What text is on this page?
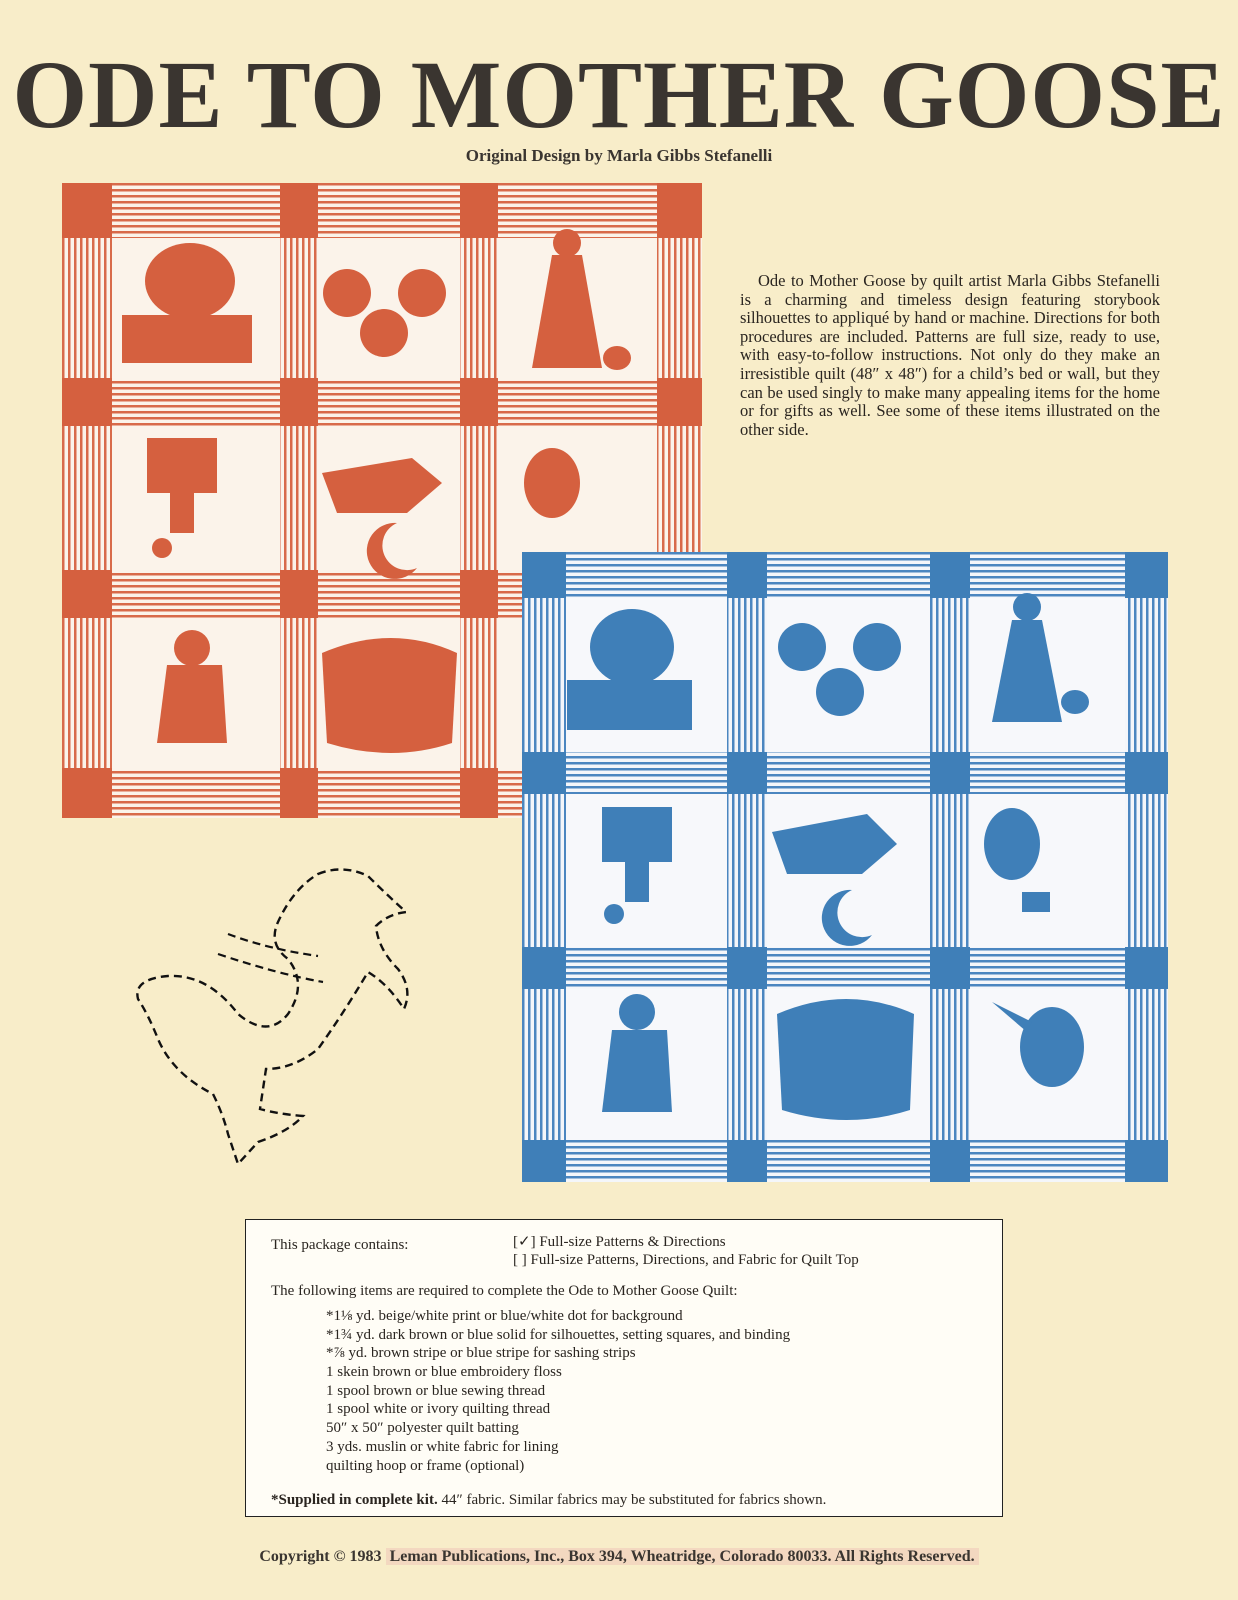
ODE TO MOTHER GOOSE

Original Design by Marla Gibbs Stefanelli

Ode to Mother Goose by quilt artist Marla Gibbs Stefanelli is a charming and timeless design featuring storybook silhouettes to appliqué by hand or machine. Directions for both procedures are included. Patterns are full size, ready to use, with easy-to-follow instructions. Not only do they make an irresistible quilt (48″ x 48″) for a child’s bed or wall, but they can be used singly to make many appealing items for the home or for gifts as well. See some of these items illustrated on the other side.

This package contains:	[✓] Full-size Patterns & Directions
[ ] Full-size Patterns, Directions, and Fabric for Quilt Top
The following items are required to complete the Ode to Mother Goose Quilt:
*1⅛ yd. beige/white print or blue/white dot for background
*1¾ yd. dark brown or blue solid for silhouettes, setting squares, and binding
*⅞ yd. brown stripe or blue stripe for sashing strips
1 skein brown or blue embroidery floss
1 spool brown or blue sewing thread
1 spool white or ivory quilting thread
50″ x 50″ polyester quilt batting
3 yds. muslin or white fabric for lining
quilting hoop or frame (optional)
*Supplied in complete kit. 44″ fabric. Similar fabrics may be substituted for fabrics shown.

Copyright © 1983 Leman Publications, Inc., Box 394, Wheatridge, Colorado 80033. All Rights Reserved.
